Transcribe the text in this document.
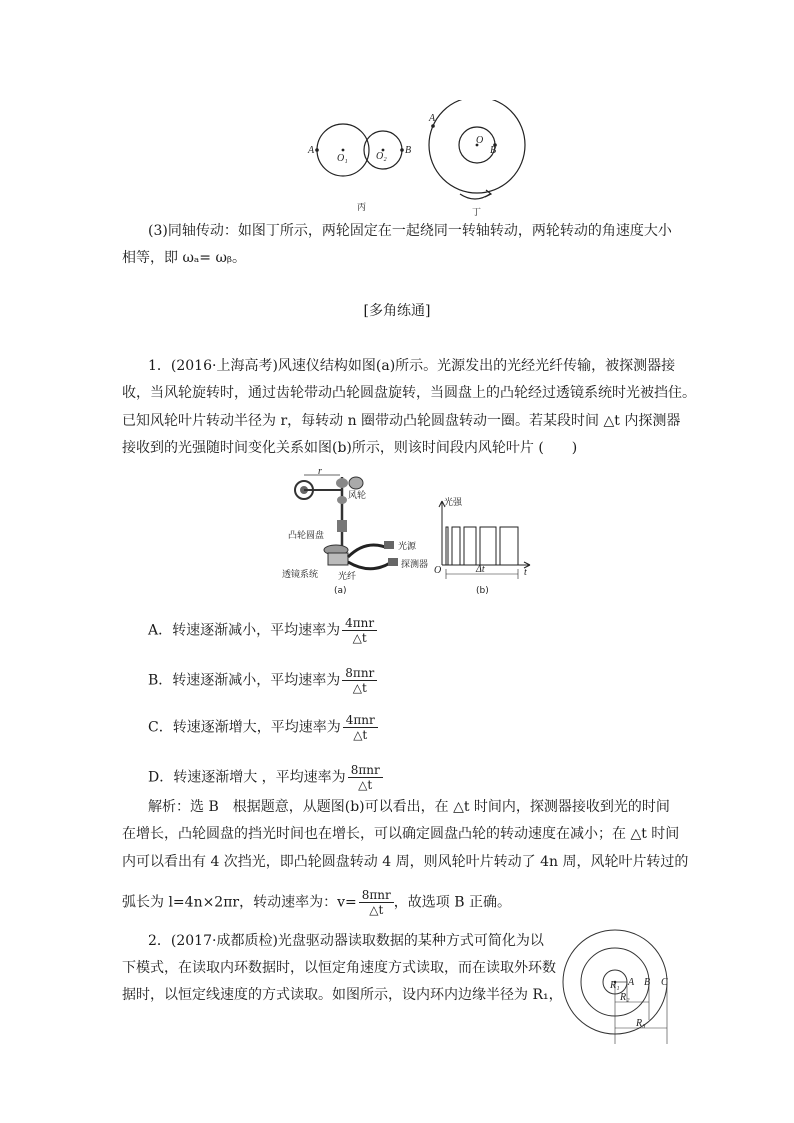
A
O₁	O₂
B
丙
A
O
B
丁
(3)同轴传动：如图丁所示，两轮固定在一起绕同一转轴转动，两轮转动的角速度大小
相等，即 ωₐ= ωᵦ。
[多角练通]
1．(2016·上海高考)风速仪结构如图(a)所示。光源发出的光经光纤传输，被探测器接
收，当风轮旋转时，通过齿轮带动凸轮圆盘旋转，当圆盘上的凸轮经过透镜系统时光被挡住。
已知风轮叶片转动半径为 r，每转动 n 圈带动凸轮圆盘转动一圈。若某段时间 △t 内探测器
接收到的光强随时间变化关系如图(b)所示，则该时间段内风轮叶片 (　　)
r
风轮
凸轮圆盘
光源
探测器
透镜系统 光纤
(a)
光强
O	Δt	t
(b)
A．转速逐渐减小，平均速率为 $\frac{\text{4πnr}}{\triangle t}$
B．转速逐渐减小，平均速率为 $\frac{\text{8πnr}}{\triangle t}$
C．转速逐渐增大，平均速率为 $\frac{\text{4πnr}}{\triangle t}$
D．转速逐渐增大 ，平均速率为 $\frac{\text{8πnr}}{\triangle t}$
解析：选 B　根据题意，从题图(b)可以看出，在 △t 时间内，探测器接收到光的时间
在增长，凸轮圆盘的挡光时间也在增长，可以确定圆盘凸轮的转动速度在减小；在 △t 时间
内可以看出有 4 次挡光，即凸轮圆盘转动 4 周，则风轮叶片转动了 4n 周，风轮叶片转过的
弧长为 l=4n×2πr，转动速率为：$v= \frac{\text{8πnr}}{\triangle t}$ ，故选项 B 正确。
2．(2017·成都质检)光盘驱动器读取数据的某种方式可简化为以
下模式，在读取内环数据时，以恒定角速度方式读取，而在读取外环数
据时，以恒定线速度的方式读取。如图所示，设内环内边缘半径为 R₁，
R₁ A B C
R₂
R₃
